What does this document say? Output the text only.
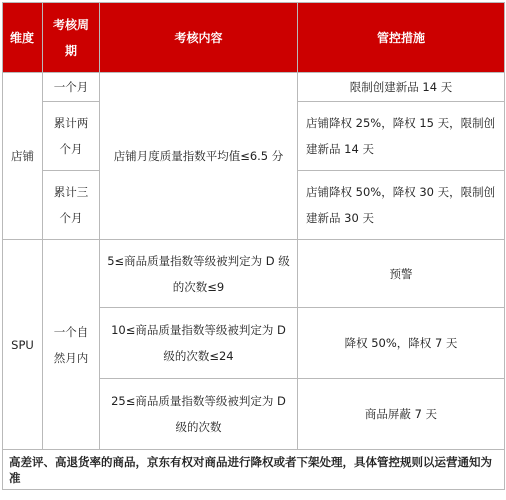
维度	考核周期	考核内容	管控措施
店铺	一个月	店铺月度质量指数平均值≤6.5 分	限制创建新品 14 天
	累计两个月		店铺降权 25%，降权 15 天，限制创建新品 14 天
	累计三个月		店铺降权 50%，降权 30 天，限制创建新品 30 天
SPU	一个自然月内	5≤商品质量指数等级被判定为 D 级的次数≤9	预警
		10≤商品质量指数等级被判定为 D 级的次数≤24	降权 50%，降权 7 天
		25≤商品质量指数等级被判定为 D 级的次数	商品屏蔽 7 天
高差评、高退货率的商品，京东有权对商品进行降权或者下架处理，具体管控规则以运营通知为准			
